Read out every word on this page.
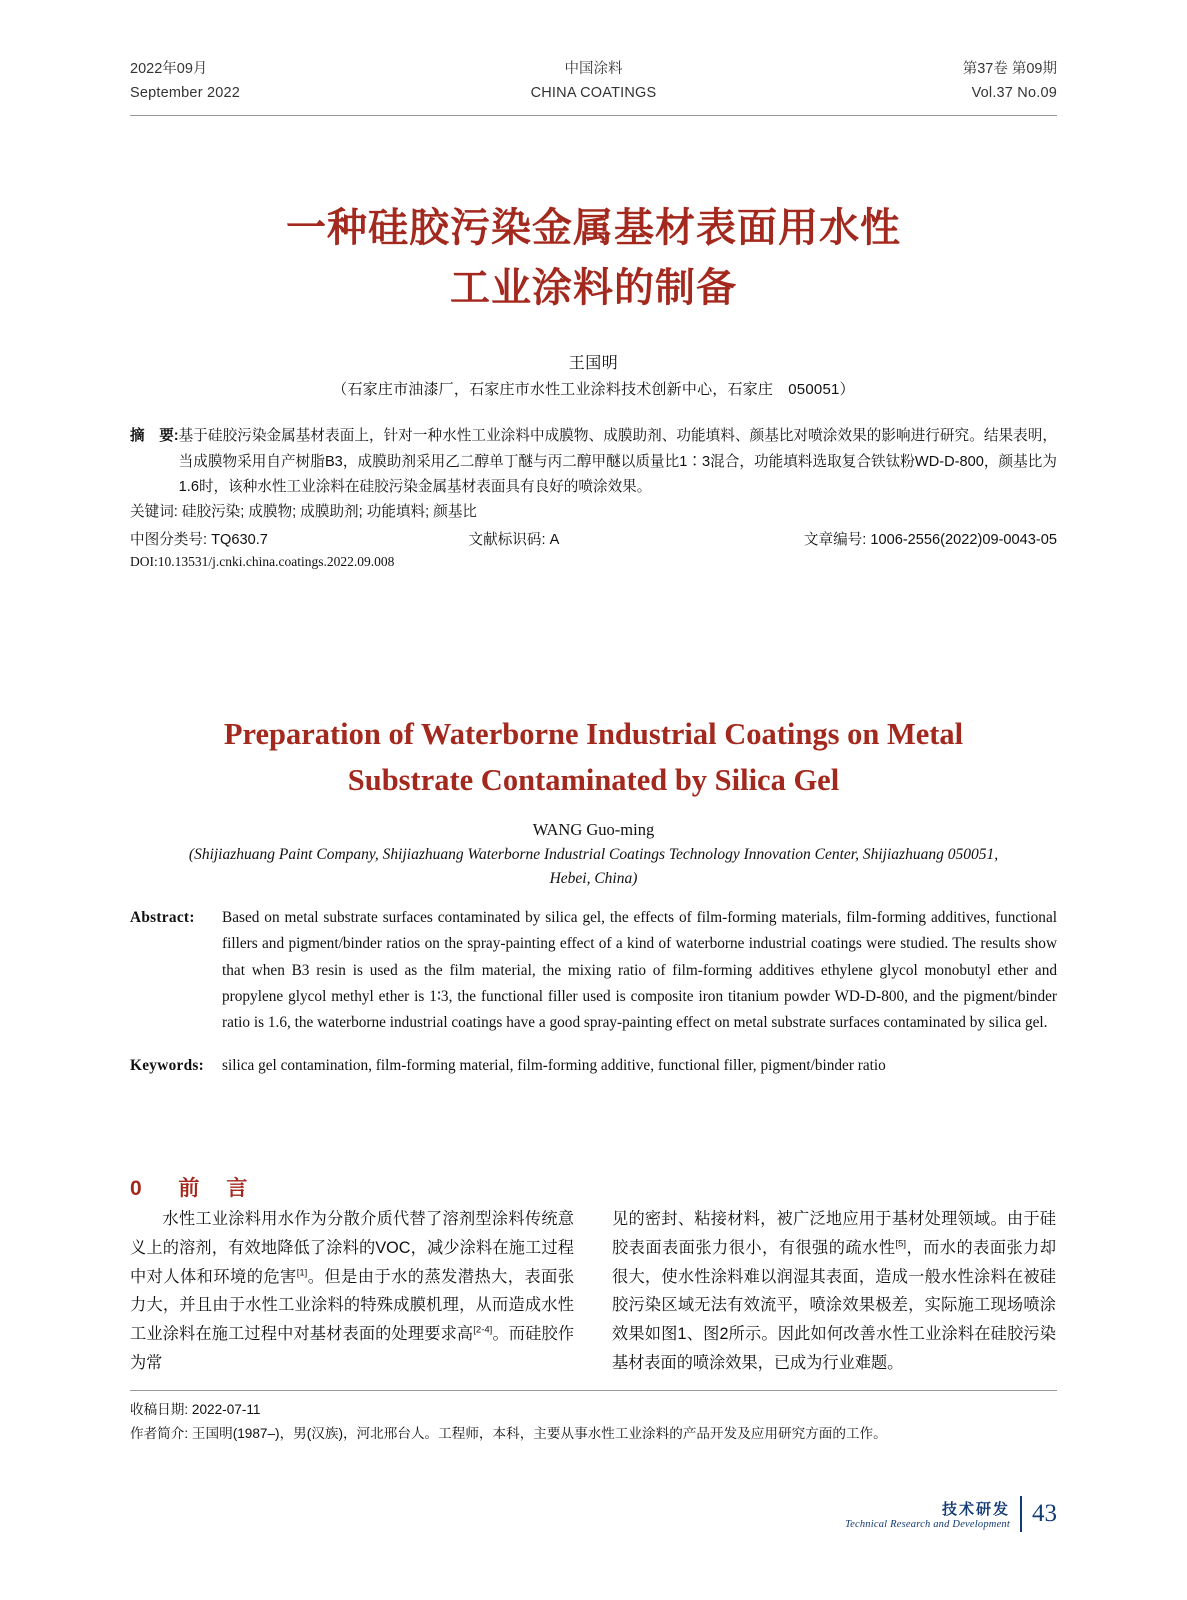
2022年09月
September 2022
中国涂料
CHINA COATINGS
第37卷 第09期
Vol.37 No.09
一种硅胶污染金属基材表面用水性
工业涂料的制备
王国明
（石家庄市油漆厂，石家庄市水性工业涂料技术创新中心，石家庄　050051）
摘　要: 基于硅胶污染金属基材表面上，针对一种水性工业涂料中成膜物、成膜助剂、功能填料、颜基比对喷涂效果的影响进行研究。结果表明，当成膜物采用自产树脂B3，成膜助剂采用乙二醇单丁醚与丙二醇甲醚以质量比1∶3混合，功能填料选取复合铁钛粉WD-D-800，颜基比为1.6时，该种水性工业涂料在硅胶污染金属基材表面具有良好的喷涂效果。
关键词: 硅胶污染; 成膜物; 成膜助剂; 功能填料; 颜基比
中图分类号: TQ630.7	文献标识码: A	文章编号: 1006-2556(2022)09-0043-05
DOI:10.13531/j.cnki.china.coatings.2022.09.008
Preparation of Waterborne Industrial Coatings on Metal
Substrate Contaminated by Silica Gel
WANG Guo-ming
(Shijiazhuang Paint Company, Shijiazhuang Waterborne Industrial Coatings Technology Innovation Center, Shijiazhuang 050051,
Hebei, China)
Abstract:	Based on metal substrate surfaces contaminated by silica gel, the effects of film-forming materials, film-forming additives, functional fillers and pigment/binder ratios on the spray-painting effect of a kind of waterborne industrial coatings were studied. The results show that when B3 resin is used as the film material, the mixing ratio of film-forming additives ethylene glycol monobutyl ether and propylene glycol methyl ether is 1∶3, the functional filler used is composite iron titanium powder WD-D-800, and the pigment/binder ratio is 1.6, the waterborne industrial coatings have a good spray-painting effect on metal substrate surfaces contaminated by silica gel.
Keywords:	silica gel contamination, film-forming material, film-forming additive, functional filler, pigment/binder ratio
0 前　言

水性工业涂料用水作为分散介质代替了溶剂型涂料传统意义上的溶剂，有效地降低了涂料的VOC，减少涂料在施工过程中对人体和环境的危害[1]。但是由于水的蒸发潜热大，表面张力大，并且由于水性工业涂料的特殊成膜机理，从而造成水性工业涂料在施工过程中对基材表面的处理要求高[2-4]。而硅胶作为常

见的密封、粘接材料，被广泛地应用于基材处理领域。由于硅胶表面表面张力很小，有很强的疏水性[5]，而水的表面张力却很大，使水性涂料难以润湿其表面，造成一般水性涂料在被硅胶污染区域无法有效流平，喷涂效果极差，实际施工现场喷涂效果如图1、图2所示。因此如何改善水性工业涂料在硅胶污染基材表面的喷涂效果，已成为行业难题。

收稿日期: 2022-07-11
作者简介: 王国明(1987–)，男(汉族)，河北邢台人。工程师，本科，主要从事水性工业涂料的产品开发及应用研究方面的工作。
技术研发
Technical Research and Development 43
